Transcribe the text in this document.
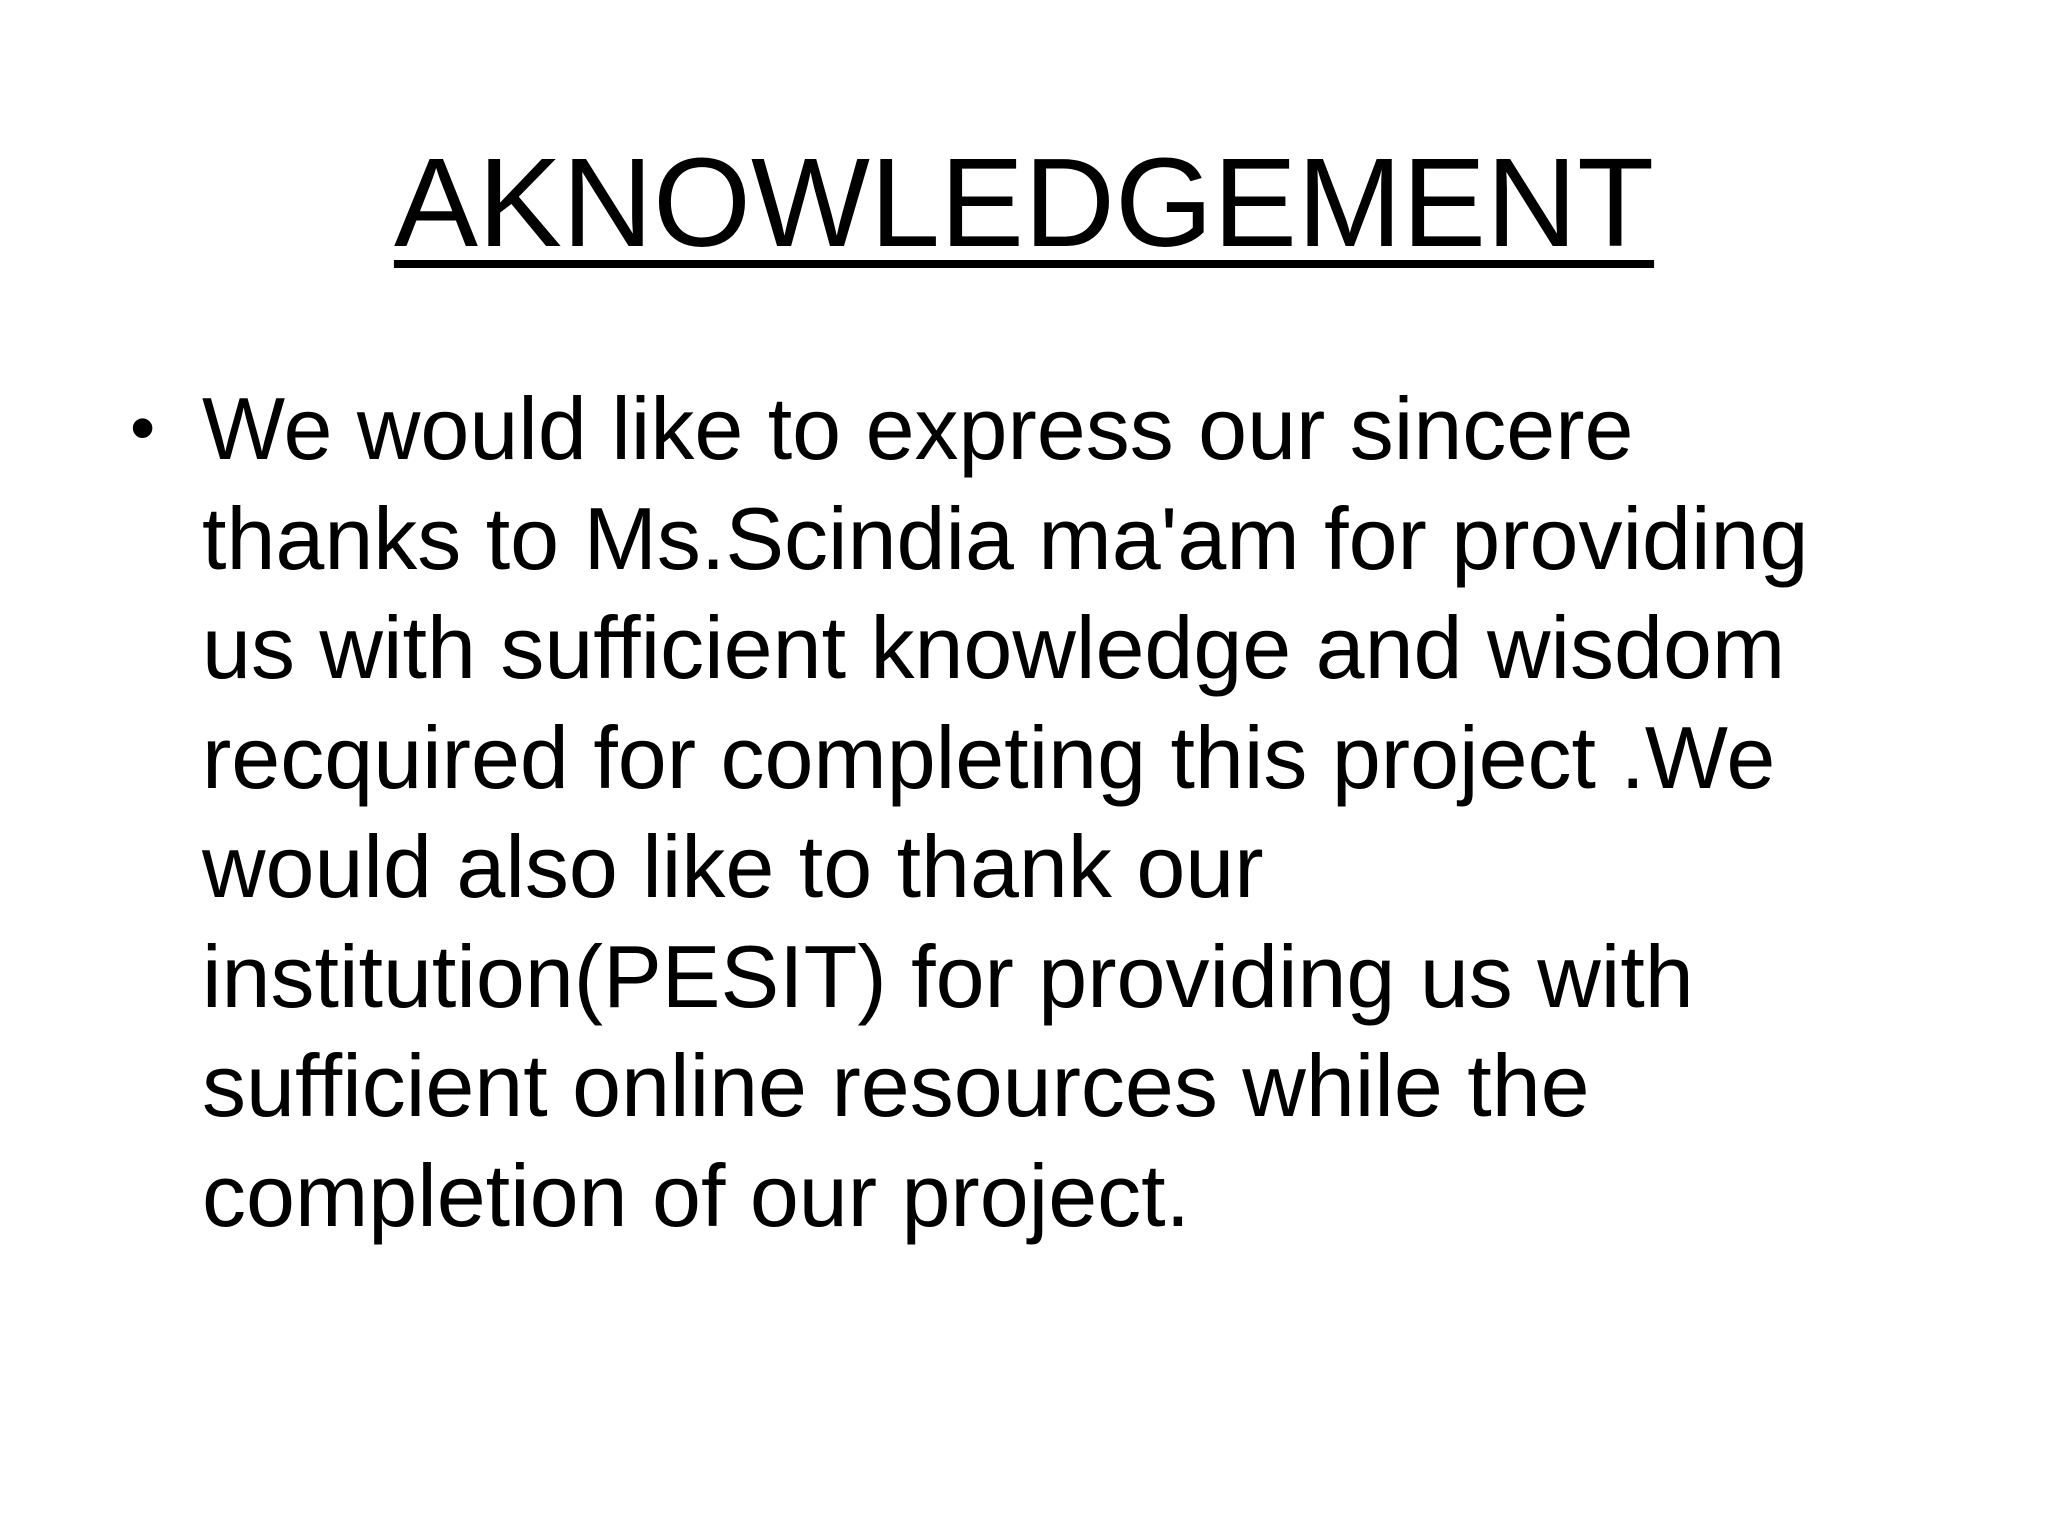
AKNOWLEDGEMENT
• We would like to express our sincere
thanks to Ms.Scindia ma'am for providing
us with sufficient knowledge and wisdom
recquired for completing this project .We
would also like to thank our
institution(PESIT) for providing us with
sufficient online resources while the
completion of our project.
